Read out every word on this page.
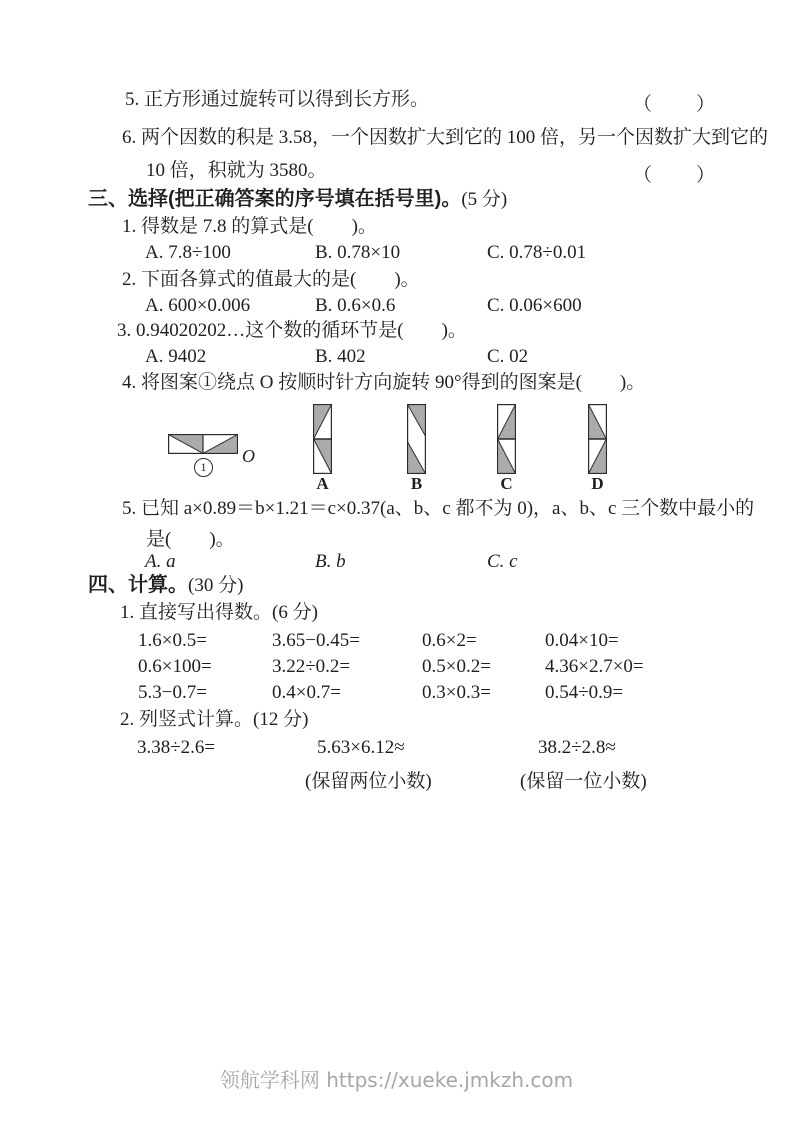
5. 正方形通过旋转可以得到长方形。	（　　）
6. 两个因数的积是 3.58，一个因数扩大到它的 100 倍，另一个因数扩大到它的
10 倍，积就为 3580。	（　　）
三、选择(把正确答案的序号填在括号里)。(5 分)
1. 得数是 7.8 的算式是(　　)。
A. 7.8÷100	B. 0.78×10	C. 0.78÷0.01
2. 下面各算式的值最大的是(　　)。
A. 600×0.006	B. 0.6×0.6	C. 0.06×600
3. 0.94020202…这个数的循环节是(　　)。
A. 9402	B. 402	C. 02
4. 将图案①绕点 O 按顺时针方向旋转 90°得到的图案是(　　)。
1
O
A	B	C	D
5. 已知 a×0.89＝b×1.21＝c×0.37(a、b、c 都不为 0)，a、b、c 三个数中最小的
是(　　)。
A. a	B. b	C. c
四、计算。(30 分)
1. 直接写出得数。(6 分)
1.6×0.5=	3.65−0.45=	0.6×2=	0.04×10=
0.6×100=	3.22÷0.2=	0.5×0.2=	4.36×2.7×0=
5.3−0.7=	0.4×0.7=	0.3×0.3=	0.54÷0.9=
2. 列竖式计算。(12 分)
3.38÷2.6=	5.63×6.12≈	38.2÷2.8≈
(保留两位小数)	(保留一位小数)
领航学科网 https://xueke.jmkzh.com
